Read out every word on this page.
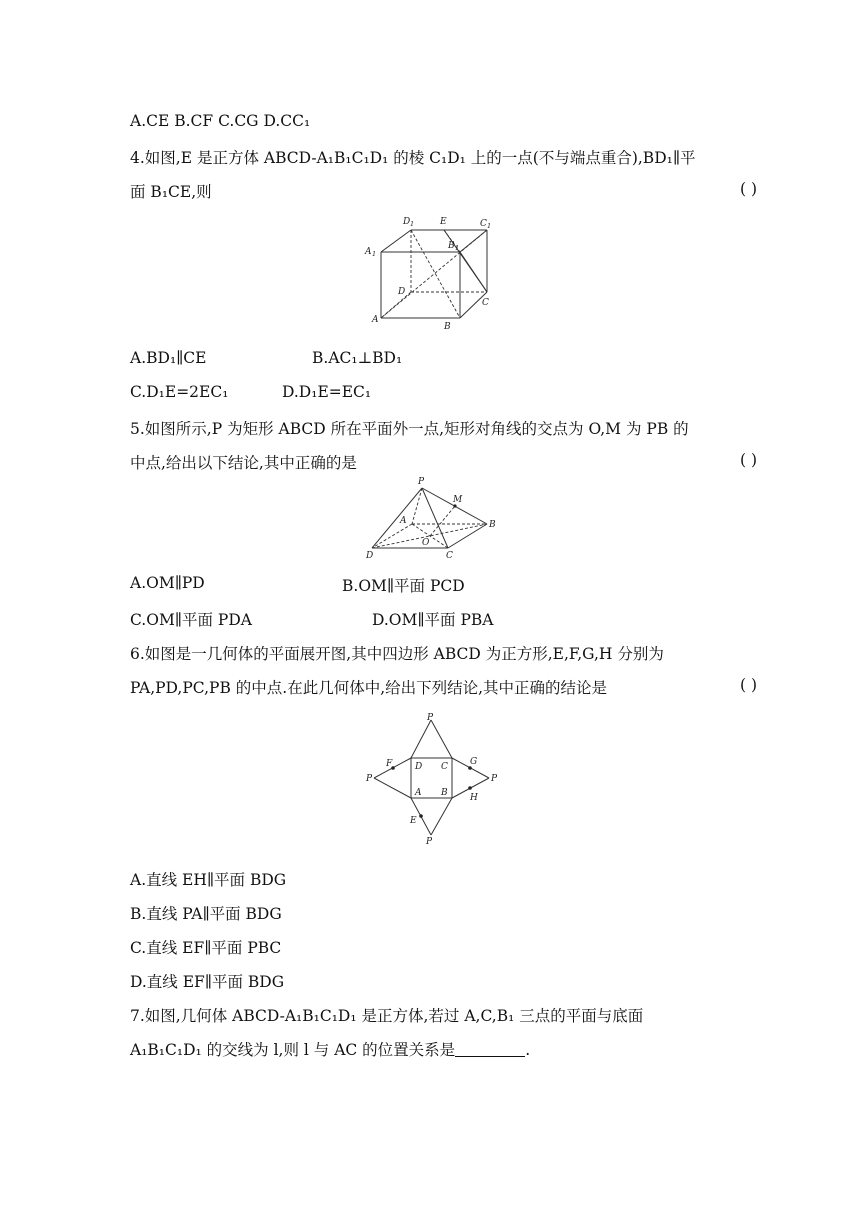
A.CE B.CF C.CG D.CC₁
4.如图,E 是正方体 ABCD-A₁B₁C₁D₁ 的棱 C₁D₁ 上的一点(不与端点重合),BD₁∥平
面 B₁CE,则	( )
D 1	E	C 1
A 1
B 1
D
C
A
B
A.BD₁∥CE	B.AC₁⊥BD₁
C.D₁E=2EC₁	D.D₁E=EC₁
5.如图所示,P 为矩形 ABCD 所在平面外一点,矩形对角线的交点为 O,M 为 PB 的
中点,给出以下结论,其中正确的是	( )
P
M
A	B
O
D	C
A.OM∥PD	B.OM∥平面 PCD
C.OM∥平面 PDA	D.OM∥平面 PBA
6.如图是一几何体的平面展开图,其中四边形 ABCD 为正方形,E,F,G,H 分别为
PA,PD,PC,PB 的中点.在此几何体中,给出下列结论,其中正确的结论是	( )
P
P	P
P
F	D C G
A B H
E
A.直线 EH∥平面 BDG
B.直线 PA∥平面 BDG
C.直线 EF∥平面 PBC
D.直线 EF∥平面 BDG
7.如图,几何体 ABCD-A₁B₁C₁D₁ 是正方体,若过 A,C,B₁ 三点的平面与底面
A₁B₁C₁D₁ 的交线为 l,则 l 与 AC 的位置关系是	.
